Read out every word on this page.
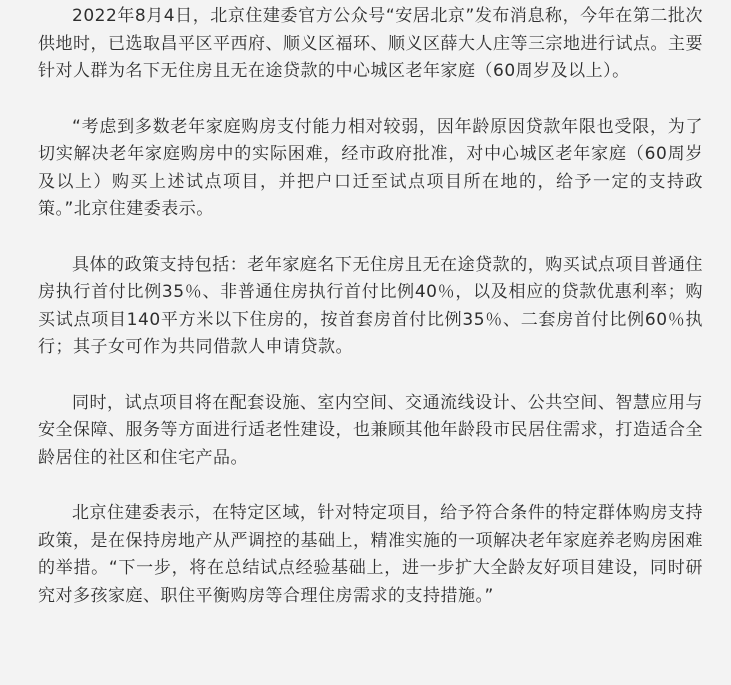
2022年8月4日，北京住建委官方公众号“安居北京”发布消息称，今年在第二批次供地时，已选取昌平区平西府、顺义区福环、顺义区薛大人庄等三宗地进行试点。主要针对人群为名下无住房且无在途贷款的中心城区老年家庭（60周岁及以上）。

“考虑到多数老年家庭购房支付能力相对较弱，因年龄原因贷款年限也受限，为了切实解决老年家庭购房中的实际困难，经市政府批准，对中心城区老年家庭（60周岁及以上）购买上述试点项目，并把户口迁至试点项目所在地的，给予一定的支持政策。”北京住建委表示。

具体的政策支持包括：老年家庭名下无住房且无在途贷款的，购买试点项目普通住房执行首付比例35％、非普通住房执行首付比例40％，以及相应的贷款优惠利率；购买试点项目140平方米以下住房的，按首套房首付比例35％、二套房首付比例60％执行；其子女可作为共同借款人申请贷款。

同时，试点项目将在配套设施、室内空间、交通流线设计、公共空间、智慧应用与安全保障、服务等方面进行适老性建设，也兼顾其他年龄段市民居住需求，打造适合全龄居住的社区和住宅产品。

北京住建委表示，在特定区域，针对特定项目，给予符合条件的特定群体购房支持政策，是在保持房地产从严调控的基础上，精准实施的一项解决老年家庭养老购房困难的举措。“下一步，将在总结试点经验基础上，进一步扩大全龄友好项目建设，同时研究对多孩家庭、职住平衡购房等合理住房需求的支持措施。”
